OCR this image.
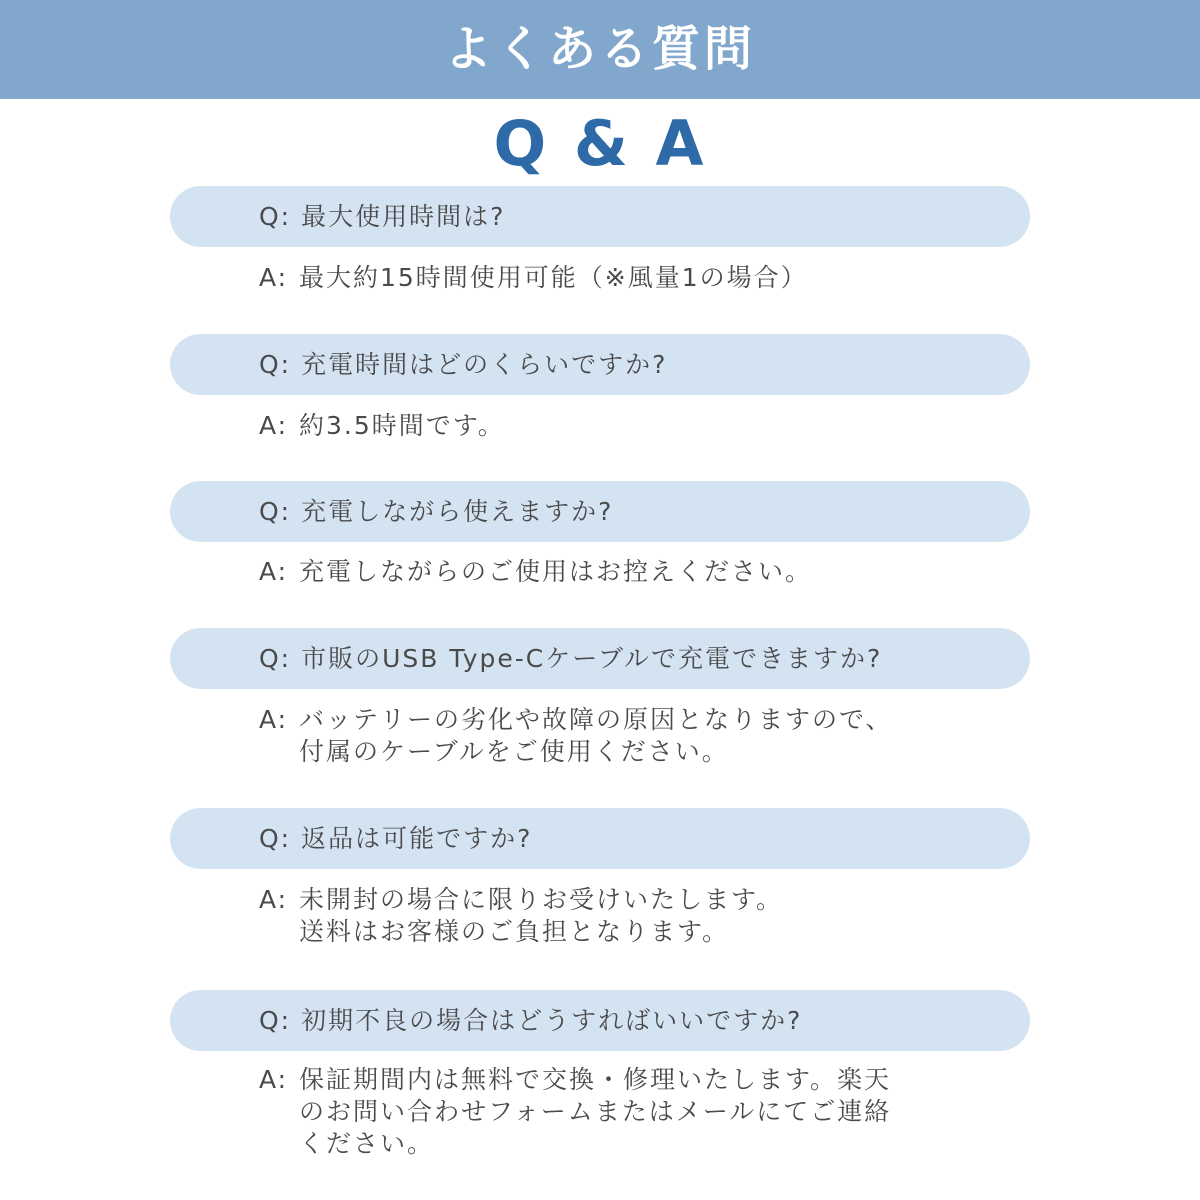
よくある質問
Q & A
Q: 最大使用時間は?
A: 最大約15時間使用可能（※風量1の場合）
Q: 充電時間はどのくらいですか?
A: 約3.5時間です。
Q: 充電しながら使えますか?
A: 充電しながらのご使用はお控えください。
Q: 市販のUSB Type-Cケーブルで充電できますか?
A: バッテリーの劣化や故障の原因となりますので、
付属のケーブルをご使用ください。
Q: 返品は可能ですか?
A: 未開封の場合に限りお受けいたします。
送料はお客様のご負担となります。
Q: 初期不良の場合はどうすればいいですか?
A: 保証期間内は無料で交換・修理いたします。楽天
のお問い合わせフォームまたはメールにてご連絡
ください。
